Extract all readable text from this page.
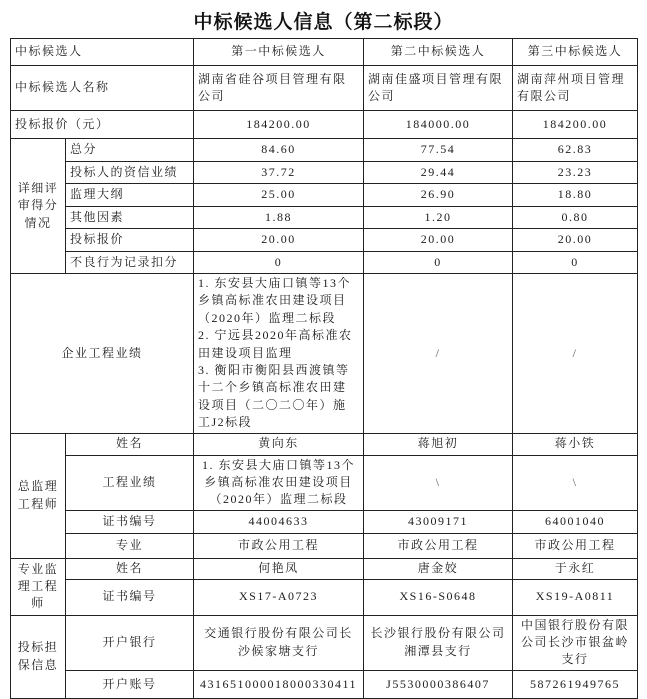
中标候选人信息（第二标段）
中标候选人		第一中标候选人	第二中标候选人	第三中标候选人
中标候选人名称		湖南省硅谷项目管理有限公司	湖南佳盛项目管理有限公司	湖南萍州项目管理有限公司
投标报价（元）		184200.00	184000.00	184200.00
详细评审得分情况	总分	84.60	77.54	62.83
	投标人的资信业绩	37.72	29.44	23.23
	监理大纲	25.00	26.90	18.80
	其他因素	1.88	1.20	0.80
	投标报价	20.00	20.00	20.00
	不良行为记录扣分	0	0	0
企业工程业绩		1. 东安县大庙口镇等13个乡镇高标准农田建设项目（2020年）监理二标段
2. 宁远县2020年高标准农田建设项目监理
3. 衡阳市衡阳县西渡镇等十二个乡镇高标准农田建设项目（二〇二〇年）施工J2标段	/	/
总监理工程师	姓名	黄向东	蒋旭初	蒋小铁
	工程业绩	1. 东安县大庙口镇等13个乡镇高标准农田建设项目（2020年）监理二标段	\	\
	证书编号	44004633	43009171	64001040
	专业	市政公用工程	市政公用工程	市政公用工程
专业监理工程师	姓名	何艳凤	唐金姣	于永红
	证书编号	XS17-A0723	XS16-S0648	XS19-A0811
投标担保信息	开户银行	交通银行股份有限公司长沙候家塘支行	长沙银行股份有限公司湘潭县支行	中国银行股份有限公司长沙市银盆岭支行
	开户账号	431651000018000330411	J5530000386407	587261949765
